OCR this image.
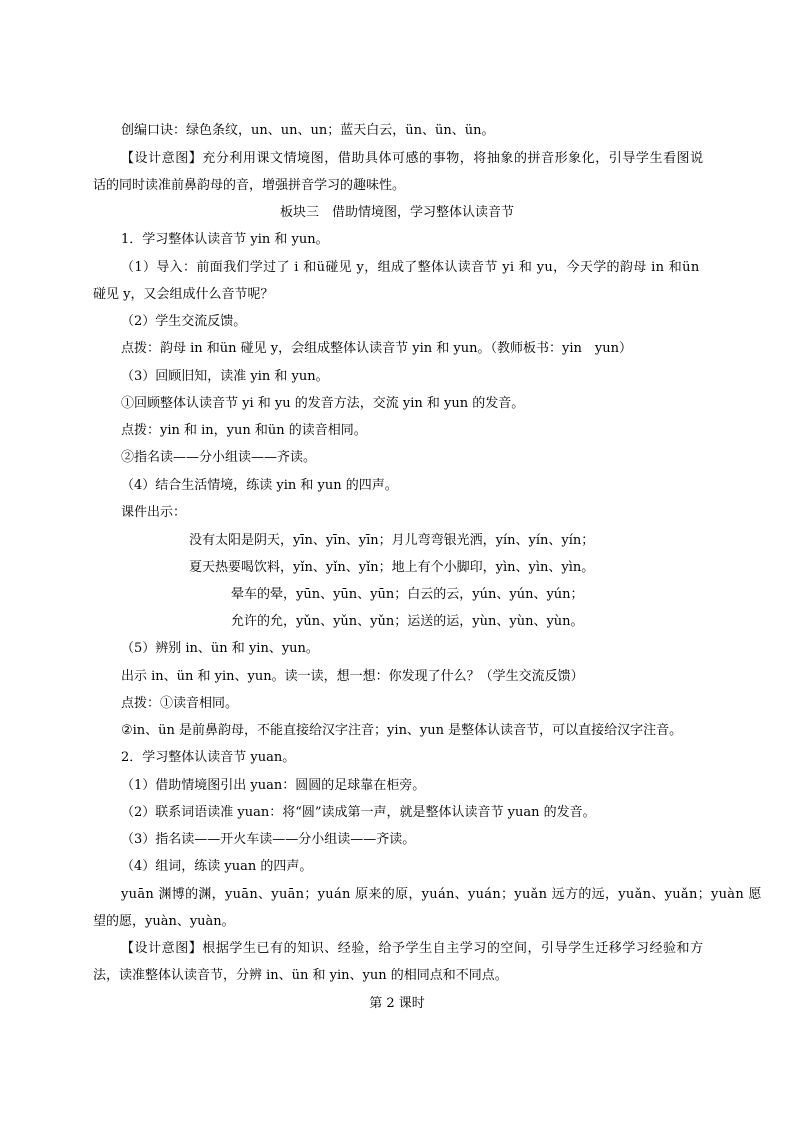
创编口诀：绿色条纹，un、un、un；蓝天白云，ün、ün、ün。
【设计意图】充分利用课文情境图，借助具体可感的事物，将抽象的拼音形象化，引导学生看图说
话的同时读准前鼻韵母的音，增强拼音学习的趣味性。
板块三　借助情境图，学习整体认读音节
1．学习整体认读音节 yin 和 yun。
（1）导入：前面我们学过了 i 和ü碰见 y，组成了整体认读音节 yi 和 yu，今天学的韵母 in 和ün
碰见 y，又会组成什么音节呢？
（2）学生交流反馈。
点拨：韵母 in 和ün 碰见 y，会组成整体认读音节 yin 和 yun。（教师板书：yin　yun）
（3）回顾旧知，读准 yin 和 yun。
①回顾整体认读音节 yi 和 yu 的发音方法，交流 yin 和 yun 的发音。
点拨：yin 和 in，yun 和ün 的读音相同。
②指名读——分小组读——齐读。
（4）结合生活情境，练读 yin 和 yun 的四声。
课件出示：
没有太阳是阴天，yīn、yīn、yīn；月儿弯弯银光洒，yín、yín、yín；
夏天热要喝饮料，yǐn、yǐn、yǐn；地上有个小脚印，yìn、yìn、yìn。
晕车的晕，yūn、yūn、yūn；白云的云，yún、yún、yún；
允许的允，yǔn、yǔn、yǔn；运送的运，yùn、yùn、yùn。
（5）辨别 in、ün 和 yin、yun。
出示 in、ün 和 yin、yun。读一读，想一想：你发现了什么？（学生交流反馈）
点拨：①读音相同。
②in、ün 是前鼻韵母，不能直接给汉字注音；yin、yun 是整体认读音节，可以直接给汉字注音。
2．学习整体认读音节 yuan。
（1）借助情境图引出 yuan：圆圆的足球靠在柜旁。
（2）联系词语读准 yuan：将“圆”读成第一声，就是整体认读音节 yuan 的发音。
（3）指名读——开火车读——分小组读——齐读。
（4）组词，练读 yuan 的四声。
yuān 渊博的渊，yuān、yuān；yuán 原来的原，yuán、yuán；yuǎn 远方的远，yuǎn、yuǎn；yuàn 愿
望的愿，yuàn、yuàn。
【设计意图】根据学生已有的知识、经验，给予学生自主学习的空间，引导学生迁移学习经验和方
法，读准整体认读音节，分辨 in、ün 和 yin、yun 的相同点和不同点。
第 2 课时
